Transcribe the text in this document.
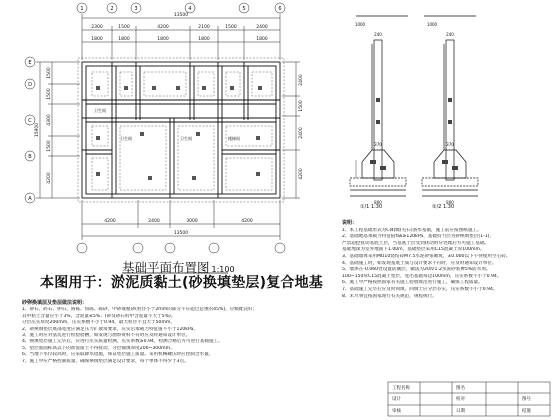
E
D
C
B
A
1	2	3	4	5	6
13500
2300	1500	4200	2100	1500	2400
1800	1800	1800	1800	1800
4200	2400	3000	4200
13500
2400
1500
2400
4200
1500
1500
4300
1500
4200
15900
卫生间
卫生间	卫生间	楼梯间
240
370
800
1000
240
370
800
1000
基础平面布置图 1:100
本图用于：淤泥质黏土(砂换填垫层)复合地基
①/1 1:30	②/2 1:30
砂卵换填层及垫层做法说明：
1、砂石、碎石、卵石、圆砾、角砾、砾砂、中砂或粗砂(粒径小于2mm的部分不应超过总重的45%)，应级配良好；
其中粘土含量应小于3%，含泥量≤5%；(砂及砂石料中含泥量不大于5%)。
分层压实厚度200mm，压实系数不小于0.94，最大粒径不宜大于50mm。
2、砂换填垫层底部宽度应满足压力扩散角要求，压实后承载力特征值不小于120kPa。
3、施工时应对基坑进行检验验槽，如发现与勘察资料不符时应及时通知设计单位。
4、换填垫层施工完毕后，应进行压实质量检测，压实系数≥0.94，检测合格后方可进行基础施工。
5、垫层底面标高以下的淤泥质土不得扰动，分层铺填厚度200~300mm。
6、当地下水位较高时，应采取降水措施，保证垫层施工质量。采用机械碾压时应控制含水量。
7、施工中应严格控制质量，确保换填垫层满足设计要求，每个单体不得少于3点。
说明：
1、本工程基础形式为C(Ⅱ)级(毛石)条形基础，施工前应按图纸施工。
2、基础地基承载力特征值fak≥120kPa，基础持力层为砂换填垫层(1-1)，
严禁超挖扰动基底土层，当基底土层受到扰动时应处理后方可施工基础。
基础埋深为室外地面下1.00m，基础垫层采用C15混凝土厚100mm。
3、基础墙体采用MU10烧结砖M7.5水泥砂浆砌筑，±0.000以下不得使用空心砖。
4、基础施工时，如发现基底土质与设计要求不符时，应及时通知设计单位。
5、墙体在-0.060处设置防潮层，做法为20厚1:2水泥砂浆掺5%防水剂。
100~150厚C15混凝土垫层，宽出基础每边100mm，压实系数不小于0.94。
6、施工中严格按照国家有关施工验收规范进行施工，确保工程质量。
7、基础施工完毕后应及时回填，回填土应分层夯实，压实系数不小于0.94。
8、未尽事宜按国家现行有关规范、规程执行。
工程名称	图名
设计	校对
审核	日期
图号
结施
